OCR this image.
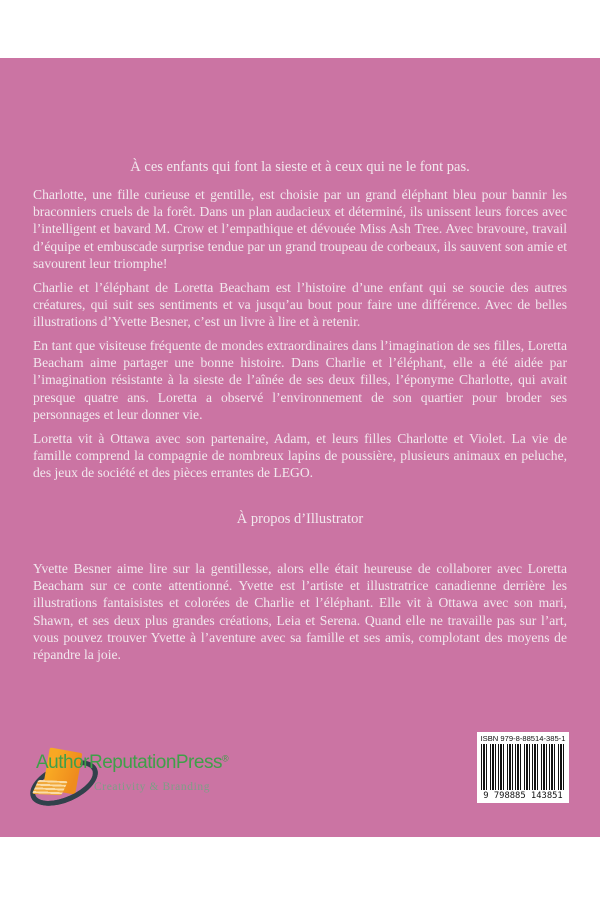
À ces enfants qui font la sieste et à ceux qui ne le font pas.

Charlotte, une fille curieuse et gentille, est choisie par un grand éléphant bleu pour bannir les braconniers cruels de la forêt. Dans un plan audacieux et déterminé, ils unissent leurs forces avec l’intelligent et bavard M. Crow et l’empathique et dévouée Miss Ash Tree. Avec bravoure, travail d’équipe et embuscade surprise tendue par un grand troupeau de corbeaux, ils sauvent son amie et savourent leur triomphe!

Charlie et l’éléphant de Loretta Beacham est l’histoire d’une enfant qui se soucie des autres créatures, qui suit ses sentiments et va jusqu’au bout pour faire une différence. Avec de belles illustrations d’Yvette Besner, c’est un livre à lire et à retenir.

En tant que visiteuse fréquente de mondes extraordinaires dans l’imagination de ses filles, Loretta Beacham aime partager une bonne histoire. Dans Charlie et l’éléphant, elle a été aidée par l’imagination résistante à la sieste de l’aînée de ses deux filles, l’éponyme Charlotte, qui avait presque quatre ans. Loretta a observé l’environnement de son quartier pour broder ses personnages et leur donner vie.

Loretta vit à Ottawa avec son partenaire, Adam, et leurs filles Charlotte et Violet. La vie de famille comprend la compagnie de nombreux lapins de poussière, plusieurs animaux en peluche, des jeux de société et des pièces errantes de LEGO.

À propos d’Illustrator

Yvette Besner aime lire sur la gentillesse, alors elle était heureuse de collaborer avec Loretta Beacham sur ce conte attentionné. Yvette est l’artiste et illustratrice canadienne derrière les illustrations fantaisistes et colorées de Charlie et l’éléphant. Elle vit à Ottawa avec son mari, Shawn, et ses deux plus grandes créations, Leia et Serena. Quand elle ne travaille pas sur l’art, vous pouvez trouver Yvette à l’aventure avec sa famille et ses amis, complotant des moyens de répandre la joie.

AuthorReputationPress®
Creativity & Branding
ISBN 979-8-88514-385-1
9 798885 143851
